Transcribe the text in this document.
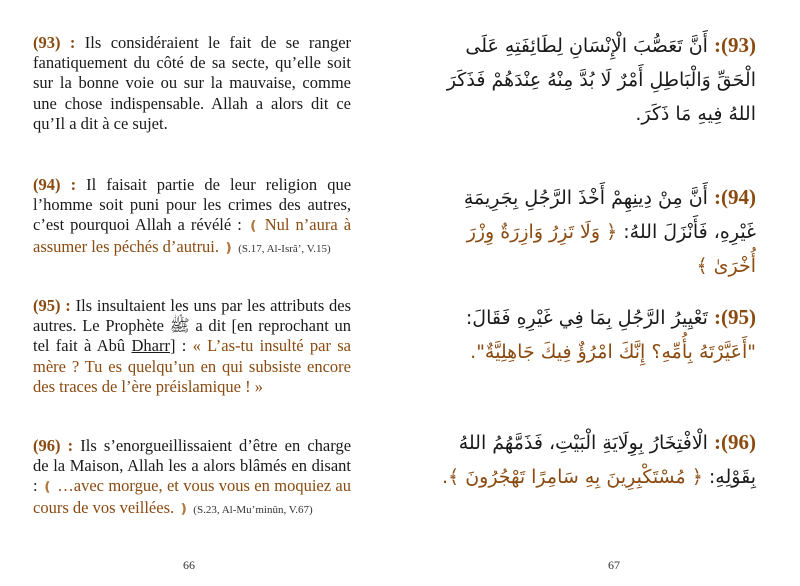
(93) : Ils considéraient le fait de se ranger fanatiquement du côté de sa secte, qu’elle soit sur la bonne voie ou sur la mauvaise, comme une chose indispensable. Allah a alors dit ce qu’Il a dit à ce sujet.

(94) : Il faisait partie de leur religion que l’homme soit puni pour les crimes des autres, c’est pourquoi Allah a révélé : ❪ Nul n’aura à assumer les péchés d’autrui. ❫ (S.17, Al-Isrâ’, V.15)

(95) : Ils insultaient les uns par les attributs des autres. Le Prophète ﷺ a dit [en reprochant un tel fait à Abû Dharr] : « L’as-tu insulté par sa mère ? Tu es quelqu’un en qui subsiste encore des traces de l’ère préislamique ! »

(96) : Ils s’enorgueillissaient d’être en charge de la Maison, Allah les a alors blâmés en disant : ❪ …avec morgue, et vous vous en moquiez au cours de vos veillées. ❫ (S.23, Al-Mu’minûn, V.67)

66

(93): أَنَّ تَعَصُّبَ الْإِنْسَانِ لِطَائِفَتِهِ عَلَى الْحَقِّ وَالْبَاطِلِ أَمْرٌ لَا بُدَّ مِنْهُ عِنْدَهُمْ فَذَكَرَ اللهُ فِيهِ مَا ذَكَرَ.

(94): أَنَّ مِنْ دِينِهِمْ أَخْذَ الرَّجُلِ بِجَرِيمَةِ غَيْرِهِ، فَأَنْزَلَ اللهُ: ﴿ وَلَا تَزِرُ وَازِرَةٌ وِزْرَ أُخْرَىٰ ﴾

(95): تَعْيِيرُ الرَّجُلِ بِمَا فِي غَيْرِهِ فَقَالَ: "أَعَيَّرْتَهُ بِأُمِّهِ؟ إِنَّكَ امْرُؤٌ فِيكَ جَاهِلِيَّةٌ".

(96): الْافْتِخَارُ بِوِلَايَةِ الْبَيْتِ، فَذَمَّهُمُ اللهُ بِقَوْلِهِ: ﴿ مُسْتَكْبِرِينَ بِهِ سَامِرًا تَهْجُرُونَ ﴾.

67
